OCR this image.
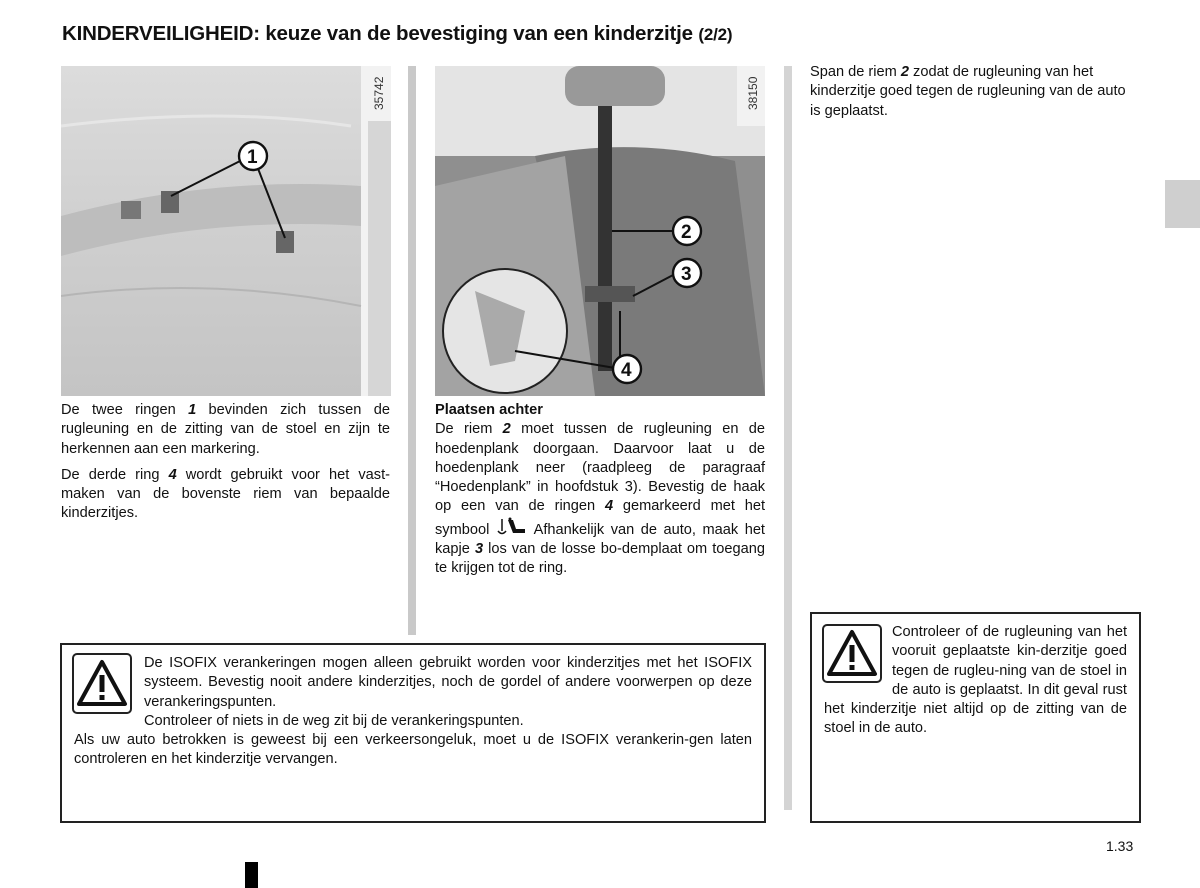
KINDERVEILIGHEID: keuze van de bevestiging van een kinderzitje (2/2)
1
35742
2
3
4
38150

De twee ringen 1 bevinden zich tussen de rugleuning en de zitting van de stoel en zijn te herkennen aan een markering.

De derde ring 4 wordt gebruikt voor het vast-maken van de bovenste riem van bepaalde kinderzitjes.

Plaatsen achter

De riem 2 moet tussen de rugleuning en de hoedenplank doorgaan. Daarvoor laat u de hoedenplank neer (raadpleeg de paragraaf “Hoedenplank” in hoofdstuk 3). Bevestig de haak op een van de ringen 4 gemarkeerd met het symbool  Afhankelijk van de auto, maak het kapje 3 los van de losse bo-demplaat om toegang te krijgen tot de ring.

Span de riem 2 zodat de rugleuning van het kinderzitje goed tegen de rugleuning van de auto is geplaatst.

De ISOFIX verankeringen mogen alleen gebruikt worden voor kinderzitjes met het ISOFIX systeem. Bevestig nooit andere kinderzitjes, noch de gordel of andere voorwerpen op deze verankeringspunten.
Controleer of niets in de weg zit bij de verankeringspunten.
Als uw auto betrokken is geweest bij een verkeersongeluk, moet u de ISOFIX verankerin-gen laten controleren en het kinderzitje vervangen.
Controleer of de rugleuning van het vooruit geplaatste kin-derzitje goed tegen de rugleu-ning van de stoel in de auto is geplaatst. In dit geval rust het kinderzitje niet altijd op de zitting van de stoel in de auto.
1.33
